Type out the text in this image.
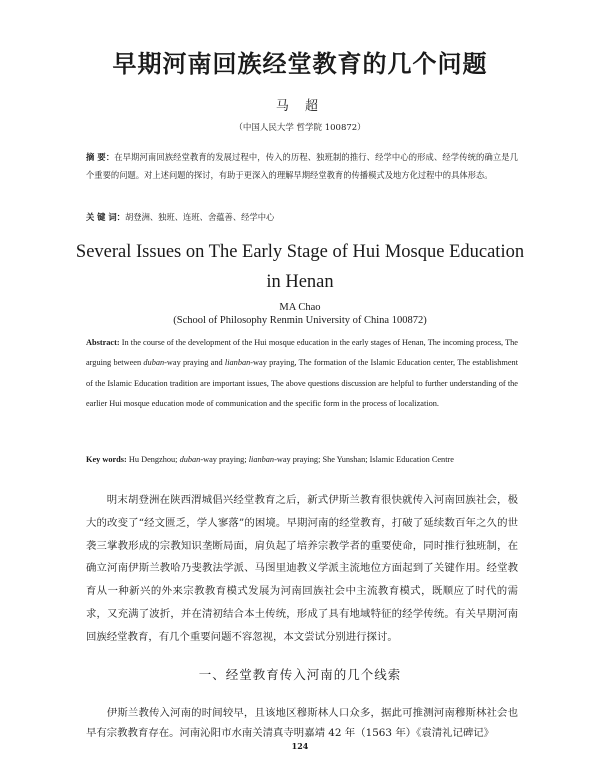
早期河南回族经堂教育的几个问题
马 超
（中国人民大学 哲学院 100872）
摘 要：在早期河南回族经堂教育的发展过程中，传入的历程、独班制的推行、经学中心的形成、经学传统的确立是几个重要的问题。对上述问题的探讨，有助于更深入的理解早期经堂教育的传播模式及地方化过程中的具体形态。
关 键 词：胡登洲、独班、连班、舍蕴善、经学中心
Several Issues on The Early Stage of Hui Mosque Education
in Henan
MA Chao
(School of Philosophy Renmin University of China 100872)
Abstract: In the course of the development of the Hui mosque education in the early stages of Henan, The incoming process, The arguing between duban-way praying and lianban-way praying, The formation of the Islamic Education center, The establishment of the Islamic Education tradition are important issues, The above questions discussion are helpful to further understanding of the earlier Hui mosque education mode of communication and the specific form in the process of localization.
Key words: Hu Dengzhou; duban-way praying; lianban-way praying; She Yunshan; Islamic Education Centre
明末胡登洲在陕西渭城倡兴经堂教育之后，新式伊斯兰教育很快就传入河南回族社会，极大的改变了“经文匮乏，学人寥落”的困境。早期河南的经堂教育，打破了延续数百年之久的世袭三掌教形成的宗教知识垄断局面，肩负起了培养宗教学者的重要使命，同时推行独班制，在确立河南伊斯兰教哈乃斐教法学派、马图里迪教义学派主流地位方面起到了关键作用。经堂教育从一种新兴的外来宗教教育模式发展为河南回族社会中主流教育模式，既顺应了时代的需求，又充满了波折，并在清初结合本土传统，形成了具有地域特征的经学传统。有关早期河南回族经堂教育，有几个重要问题不容忽视，本文尝试分别进行探讨。
一、经堂教育传入河南的几个线索
伊斯兰教传入河南的时间较早，且该地区穆斯林人口众多，据此可推测河南穆斯林社会也早有宗教教育存在。河南沁阳市水南关清真寺明嘉靖 42 年（1563 年）《袁清礼记碑记》
124
